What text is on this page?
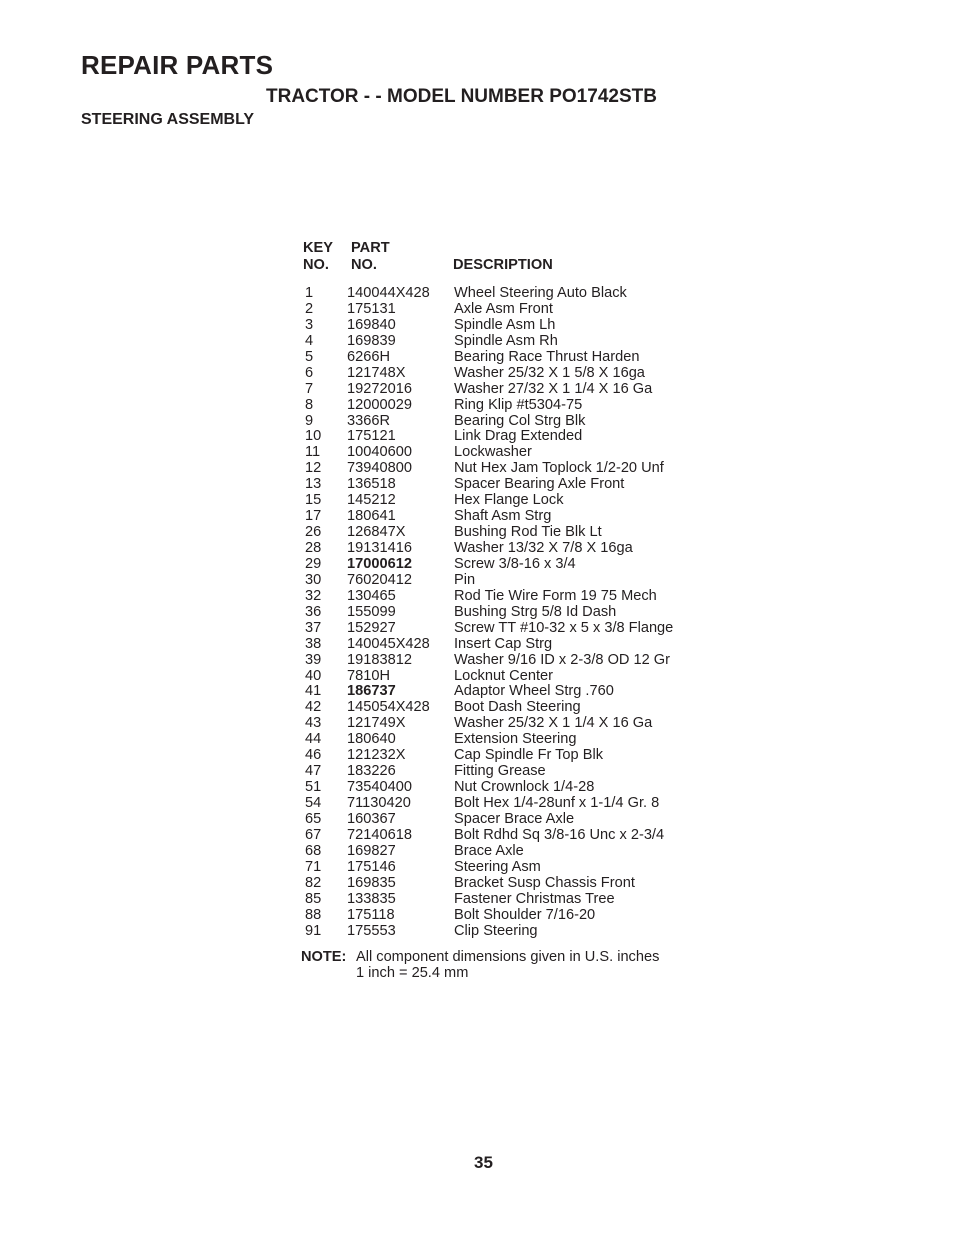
REPAIR PARTS
TRACTOR - - MODEL NUMBER PO1742STB
STEERING ASSEMBLY
KEY
NO.
PART
NO.	DESCRIPTION
1 140044X428 Wheel Steering Auto Black
2 175131	Axle Asm Front
3 169840	Spindle Asm Lh
4 169839	Spindle Asm Rh
5 6266H	Bearing Race Thrust Harden
6 121748X	Washer 25/32 X 1 5/8 X 16ga
7 19272016	Washer 27/32 X 1 1/4 X 16 Ga
8 12000029	Ring Klip #t5304-75
9 3366R	Bearing Col Strg Blk
10 175121	Link Drag Extended
11 10040600	Lockwasher
12 73940800	Nut Hex Jam Toplock 1/2-20 Unf
13 136518	Spacer Bearing Axle Front
15 145212	Hex Flange Lock
17 180641	Shaft Asm Strg
26 126847X	Bushing Rod Tie Blk Lt
28 19131416	Washer 13/32 X 7/8 X 16ga
29 17000612	Screw 3/8-16 x 3/4
30 76020412	Pin
32 130465	Rod Tie Wire Form 19 75 Mech
36 155099	Bushing Strg 5/8 Id Dash
37 152927	Screw TT #10-32 x 5 x 3/8 Flange
38 140045X428 Insert Cap Strg
39 19183812	Washer 9/16 ID x 2-3/8 OD 12 Gr
40 7810H	Locknut Center
41 186737	Adaptor Wheel Strg .760
42 145054X428 Boot Dash Steering
43 121749X	Washer 25/32 X 1 1/4 X 16 Ga
44 180640	Extension Steering
46 121232X	Cap Spindle Fr Top Blk
47 183226	Fitting Grease
51 73540400	Nut Crownlock 1/4-28
54 71130420	Bolt Hex 1/4-28unf x 1-1/4 Gr. 8
65 160367	Spacer Brace Axle
67 72140618	Bolt Rdhd Sq 3/8-16 Unc x 2-3/4
68 169827	Brace Axle
71 175146	Steering Asm
82 169835	Bracket Susp Chassis Front
85 133835	Fastener Christmas Tree
88 175118	Bolt Shoulder 7/16-20
91 175553	Clip Steering
NOTE: All component dimensions given in U.S. inches
1 inch = 25.4 mm
35
